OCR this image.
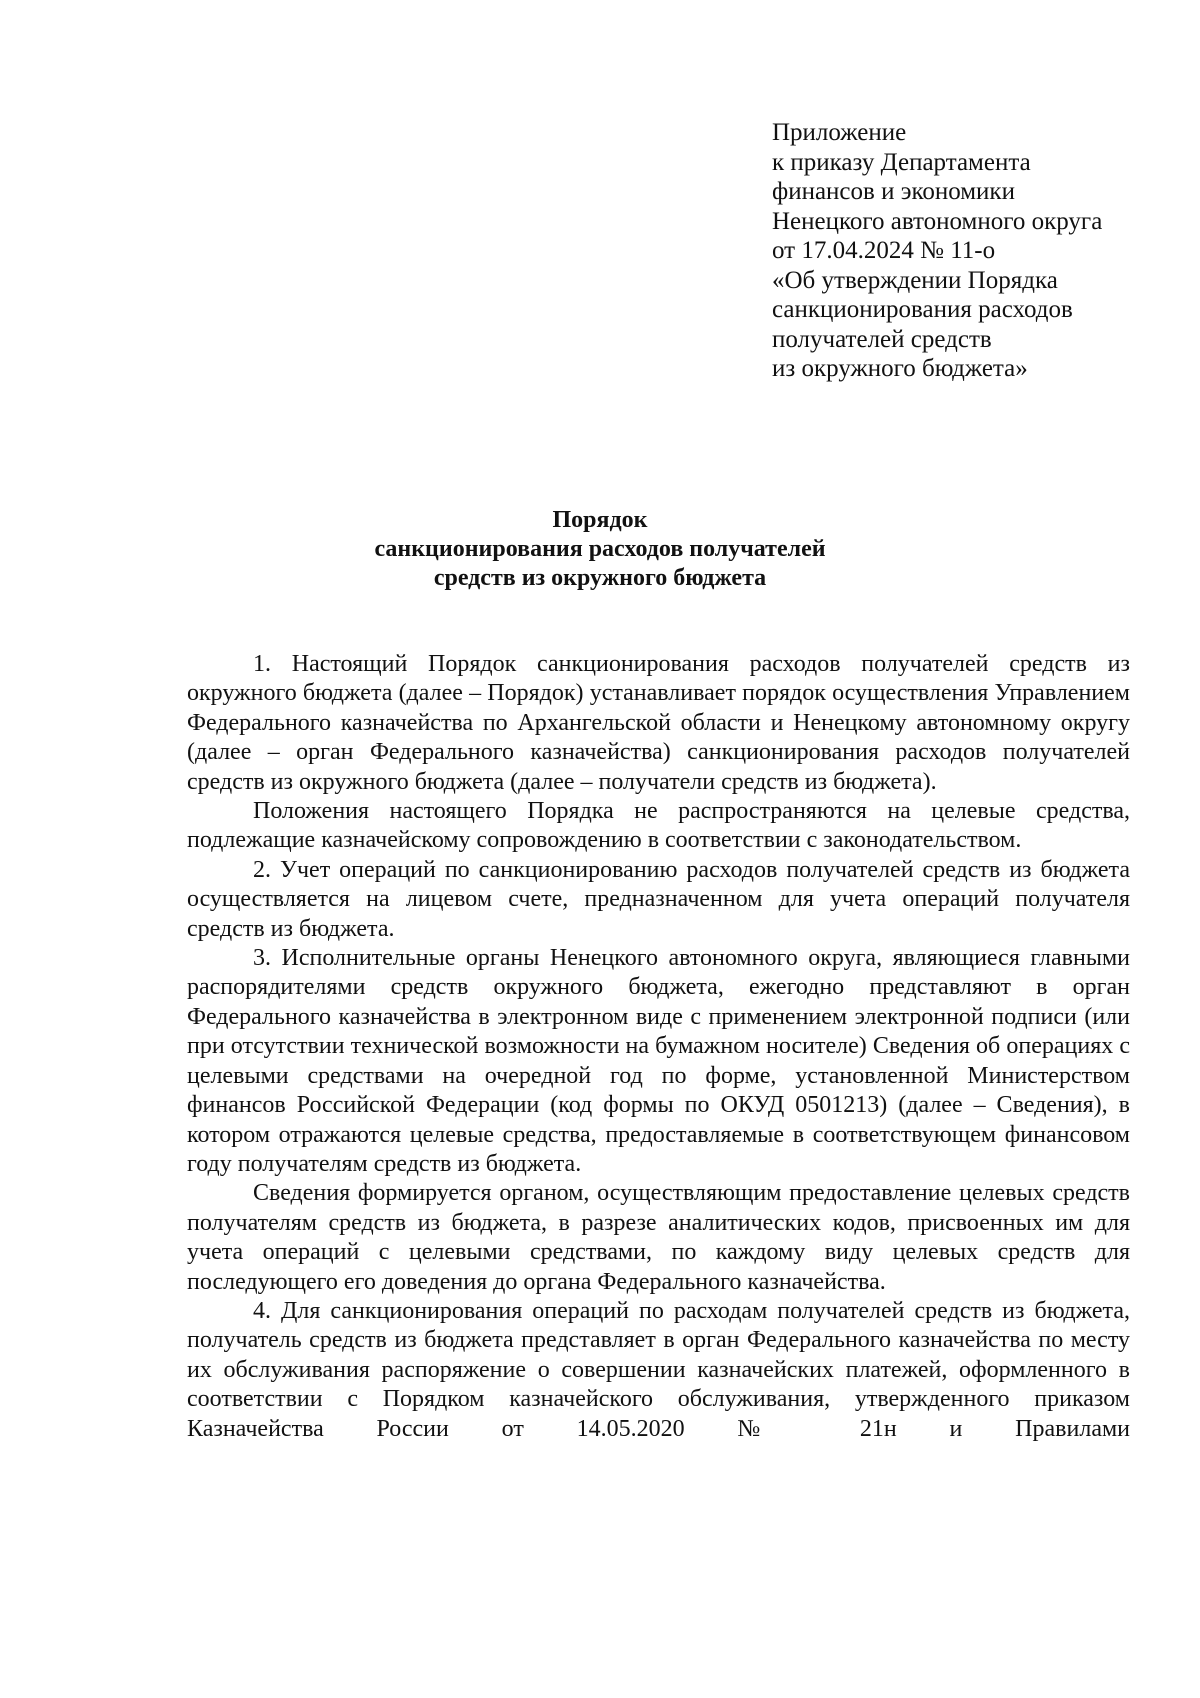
Приложение
к приказу Департамента
финансов и экономики
Ненецкого автономного округа
от 17.04.2024 № 11-о
«Об утверждении Порядка
санкционирования расходов
получателей средств
из окружного бюджета»
Порядок
санкционирования расходов получателей
средств из окружного бюджета

1. Настоящий Порядок санкционирования расходов получателей средств из окружного бюджета (далее – Порядок) устанавливает порядок осуществления Управлением Федерального казначейства по Архангельской области и Ненецкому автономному округу (далее – орган Федерального казначейства) санкционирования расходов получателей средств из окружного бюджета (далее – получатели средств из бюджета).

Положения настоящего Порядка не распространяются на целевые средства, подлежащие казначейскому сопровождению в соответствии с законодательством.

2. Учет операций по санкционированию расходов получателей средств из бюджета осуществляется на лицевом счете, предназначенном для учета операций получателя средств из бюджета.

3. Исполнительные органы Ненецкого автономного округа, являющиеся главными распорядителями средств окружного бюджета, ежегодно представляют в орган Федерального казначейства в электронном виде с применением электронной подписи (или при отсутствии технической возможности на бумажном носителе) Сведения об операциях с целевыми средствами на очередной год по форме, установленной Министерством финансов Российской Федерации (код формы по ОКУД 0501213) (далее – Сведения), в котором отражаются целевые средства, предоставляемые в соответствующем финансовом году получателям средств из бюджета.

Сведения формируется органом, осуществляющим предоставление целевых средств получателям средств из бюджета, в разрезе аналитических кодов, присвоенных им для учета операций с целевыми средствами, по каждому виду целевых средств для последующего его доведения до органа Федерального казначейства.

4. Для санкционирования операций по расходам получателей средств из бюджета, получатель средств из бюджета представляет в орган Федерального казначейства по месту их обслуживания распоряжение о совершении казначейских платежей, оформленного в соответствии с Порядком казначейского обслуживания, утвержденного приказом Казначейства России от 14.05.2020 № 21н и Правилами
